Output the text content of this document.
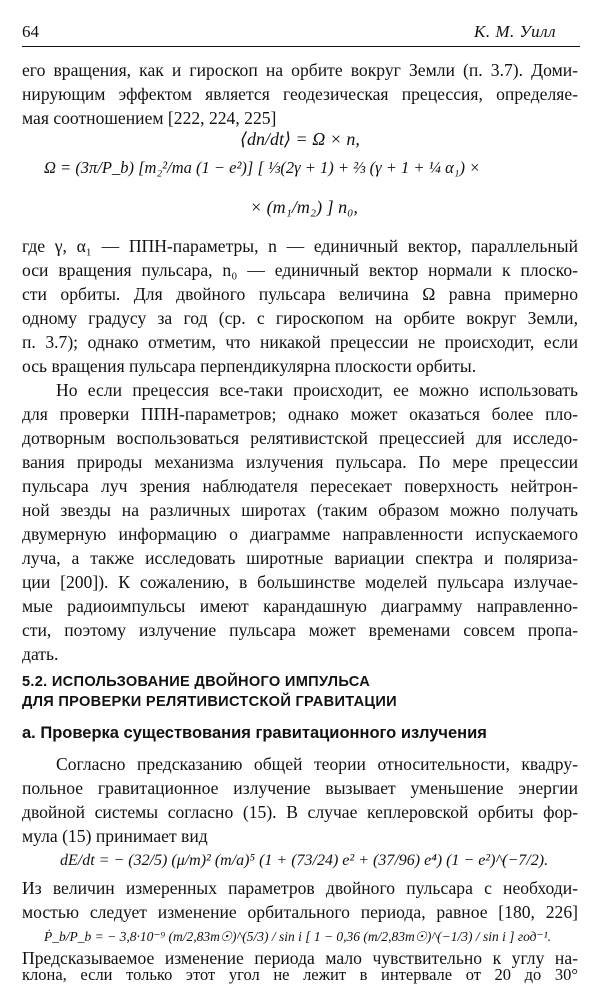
64	К. М. Уилл
его вращения, как и гироскоп на орбите вокруг Земли (п. 3.7). Доми-
нирующим эффектом является геодезическая прецессия, определяе-
мая соотношением [222, 224, 225]
⟨dn/dt⟩ = Ω × n,
Ω = (3π/P_b) [m₂²/ma (1 − e²)] [ ⅓(2γ + 1) + ⅔ (γ + 1 + ¼ α₁) ×
× (m₁/m₂) ] n₀,
где γ, α₁ — ППН-параметры, n — единичный вектор, параллельный
оси вращения пульсара, n₀ — единичный вектор нормали к плоско-
сти орбиты. Для двойного пульсара величина Ω равна примерно
одному градусу за год (ср. с гироскопом на орбите вокруг Земли,
п. 3.7); однако отметим, что никакой прецессии не происходит, если
ось вращения пульсара перпендикулярна плоскости орбиты.
Но если прецессия все-таки происходит, ее можно использовать
для проверки ППН-параметров; однако может оказаться более пло-
дотворным воспользоваться релятивистской прецессией для исследо-
вания природы механизма излучения пульсара. По мере прецессии
пульсара луч зрения наблюдателя пересекает поверхность нейтрон-
ной звезды на различных широтах (таким образом можно получать
двумерную информацию о диаграмме направленности испускаемого
луча, а также исследовать широтные вариации спектра и поляриза-
ции [200]). К сожалению, в большинстве моделей пульсара излучае-
мые радиоимпульсы имеют карандашную диаграмму направленно-
сти, поэтому излучение пульсара может временами совсем пропа-
дать.
5.2. ИСПОЛЬЗОВАНИЕ ДВОЙНОГО ИМПУЛЬСА
ДЛЯ ПРОВЕРКИ РЕЛЯТИВИСТСКОЙ ГРАВИТАЦИИ
а. Проверка существования гравитационного излучения
Согласно предсказанию общей теории относительности, квадру-
польное гравитационное излучение вызывает уменьшение энергии
двойной системы согласно (15). В случае кеплеровской орбиты фор-
мула (15) принимает вид
dE/dt = − (32/5) (μ/m)² (m/a)⁵ (1 + (73/24) e² + (37/96) e⁴) (1 − e²)^(−7/2).
Из величин измеренных параметров двойного пульсара с необходи-
мостью следует изменение орбитального периода, равное [180, 226]
Ṗ_b/P_b = − 3,8·10⁻⁹ (m/2,83m☉)^(5/3) / sin i [ 1 − 0,36 (m/2,83m☉)^(−1/3) / sin i ] год⁻¹.
Предсказываемое изменение периода мало чувствительно к углу на-
клона, если только этот угол не лежит в интервале от 20 до 30°
